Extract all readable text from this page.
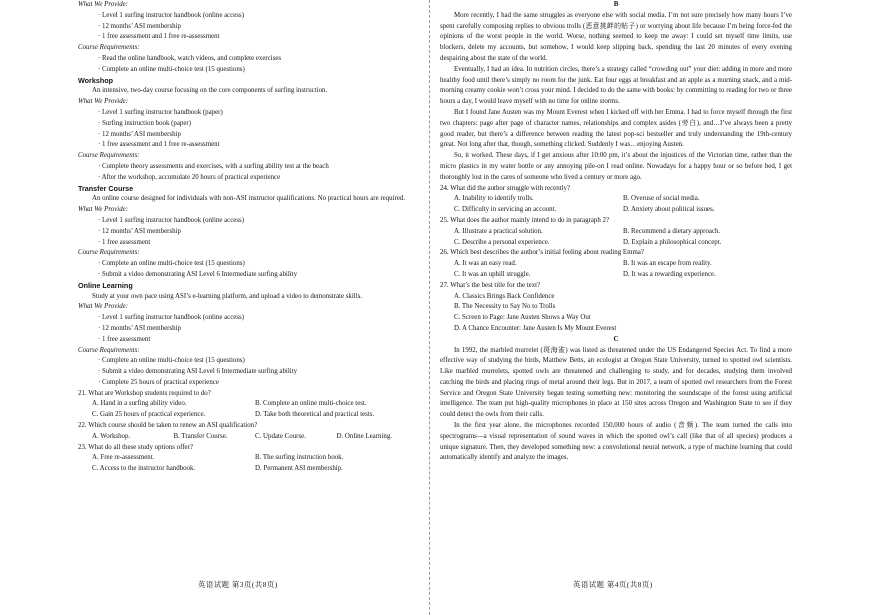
What We Provide:
· Level 1 surfing instructor handbook (online access)
· 12 months’ ASI membership
· 1 free assessment and 1 free re-assessment
Course Requirements:
· Read the online handbook, watch videos, and complete exercises
· Complete an online multi-choice test (15 questions)
Workshop
An intensive, two-day course focusing on the core components of surfing instruction.
What We Provide:
· Level 1 surfing instructor handbook (paper)
· Surfing instruction book (paper)
· 12 months’ ASI membership
· 1 free assessment and 1 free re-assessment
Course Requirements:
· Complete theory assessments and exercises, with a surfing ability test at the beach
· After the workshop, accumulate 20 hours of practical experience
Transfer Course
An online course designed for individuals with non-ASI instructor qualifications. No practical hours are required.
What We Provide:
· Level 1 surfing instructor handbook (online access)
· 12 months’ ASI membership
· 1 free assessment
Course Requirements:
· Complete an online multi-choice test (15 questions)
· Submit a video demonstrating ASI Level 6 Intermediate surfing ability
Online Learning
Study at your own pace using ASI’s e-learning platform, and upload a video to demonstrate skills.
What We Provide:
· Level 1 surfing instructor handbook (online access)
· 12 months’ ASI membership
· 1 free assessment
Course Requirements:
· Complete an online multi-choice test (15 questions)
· Submit a video demonstrating ASI Level 6 Intermediate surfing ability
· Complete 25 hours of practical experience
21. What are Workshop students required to do?
A. Hand in a surfing ability video.	B. Complete an online multi-choice test.
C. Gain 25 hours of practical experience.	D. Take both theoretical and practical tests.
22. Which course should be taken to renew an ASI qualification?
A. Workshop.	B. Transfer Course.	C. Update Course.	D. Online Learning.
23. What do all these study options offer?
A. Free re-assessment.	B. The surfing instruction book.
C. Access to the instructor handbook.	D. Permanent ASI membership.
B
More recently, I had the same struggles as everyone else with social media. I’m not sure precisely how many hours I’ve spent carefully composing replies to obvious trolls (恶意挑衅的帖子) or worrying about life because I’m being force-fed the opinions of the worst people in the world. Worse, nothing seemed to keep me away: I could set myself time limits, use blockers, delete my accounts, but somehow, I would keep slipping back, spending the last 20 minutes of every evening despairing about the state of the world.
Eventually, I had an idea. In nutrition circles, there’s a strategy called “crowding out” your diet: adding in more and more healthy food until there’s simply no room for the junk. Eat four eggs at breakfast and an apple as a morning snack, and a mid-morning creamy cookie won’t cross your mind. I decided to do the same with books: by committing to reading for two or three hours a day, I would leave myself with no time for online storms.
But I found Jane Austen was my Mount Everest when I kicked off with her Emma. I had to force myself through the first two chapters: page after page of character names, relationships and complex asides (旁白), and…I’ve always been a pretty good reader, but there’s a difference between reading the latest pop-sci bestseller and truly understanding the 19th-century great. Not long after that, though, something clicked. Suddenly I was…enjoying Austen.
So, it worked. These days, if I get anxious after 10:00 pm, it’s about the injustices of the Victorian time, rather than the micro plastics in my water bottle or any annoying pile-on I read online. Nowadays for a happy hour or so before bed, I get thoroughly lost in the cares of someone who lived a century or more ago.
24. What did the author struggle with recently?
A. Inability to identify trolls.	B. Overuse of social media.
C. Difficulty in servicing an account.	D. Anxiety about political issues.
25. What does the author mainly intend to do in paragraph 2?
A. Illustrate a practical solution.	B. Recommend a dietary approach.
C. Describe a personal experience.	D. Explain a philosophical concept.
26. Which best describes the author’s initial feeling about reading Emma?
A. It was an easy read.	B. It was an escape from reality.
C. It was an uphill struggle.	D. It was a rewarding experience.
27. What’s the best title for the text?
A. Classics Brings Back Confidence
B. The Necessity to Say No to Trolls
C. Screen to Page: Jane Austen Shows a Way Out
D. A Chance Encounter: Jane Austen Is My Mount Everest
C
In 1992, the marbled murrelet (斑海雀) was listed as threatened under the US Endangered Species Act. To find a more effective way of studying the birds, Matthew Betts, an ecologist at Oregon State University, turned to spotted owl scientists. Like marbled murrelets, spotted owls are threatened and challenging to study, and for decades, studying them involved catching the birds and placing rings of metal around their legs. But in 2017, a team of spotted owl researchers from the Forest Service and Oregon State University began testing something new: monitoring the soundscape of the forest using artificial intelligence. The team put high-quality microphones in place at 150 sites across Oregon and Washington State to see if they could detect the owls from their calls.
In the first year alone, the microphones recorded 150,000 hours of audio (音频). The team turned the calls into spectrograms—a visual representation of sound waves in which the spotted owl’s call (like that of all species) produces a unique signature. Then, they developed something new: a convolutional neural network, a type of machine learning that could automatically identify and analyze the images.
英语试题 第3页(共8页)	英语试题 第4页(共8页)
